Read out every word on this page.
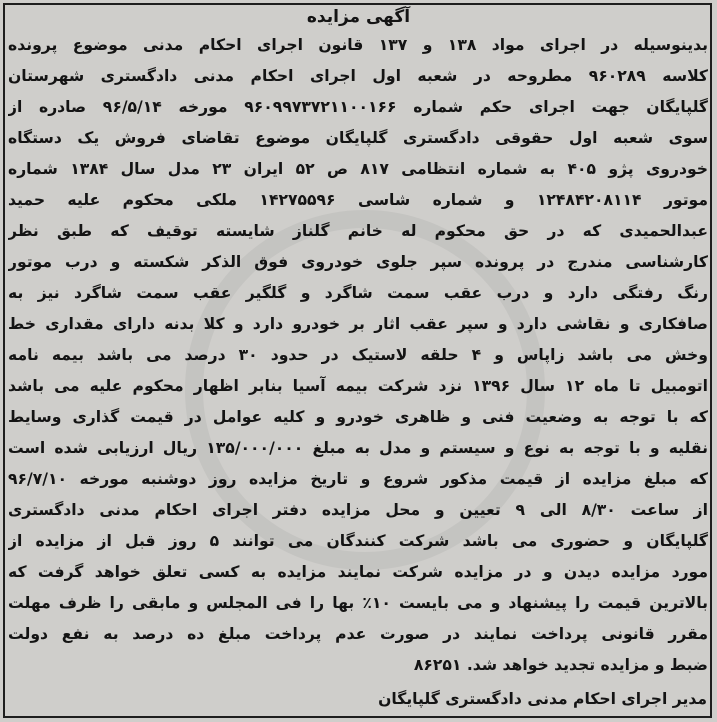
آگهی مزایده
بدینوسیله در اجرای مواد ۱۳۸ و ۱۳۷ قانون اجرای احکام مدنی موضوع پرونده
کلاسه ۹۶۰۲۸۹ مطروحه در شعبه اول اجرای احکام مدنی دادگستری شهرستان
گلپایگان جهت اجرای حکم شماره ۹۶۰۹۹۷۳۷۲۱۱۰۰۱۶۶ مورخه ۹۶/۵/۱۴ صادره از
سوی شعبه اول حقوقی دادگستری گلپایگان موضوع تقاضای فروش یک دستگاه
خودروی پژو ۴۰۵ به شماره انتظامی ۸۱۷ ص ۵۲ ایران ۲۳ مدل سال ۱۳۸۴ شماره
موتور ۱۲۴۸۴۲۰۸۱۱۴ و شماره شاسی ۱۴۲۷۵۵۹۶ ملکی محکوم علیه حمید
عبدالحمیدی که در حق محکوم له خانم گلناز شایسته توقیف که طبق نظر
کارشناسی مندرج در پرونده سپر جلوی خودروی فوق الذکر شکسته و درب موتور
رنگ رفتگی دارد و درب عقب سمت شاگرد و گلگیر عقب سمت شاگرد نیز به
صافکاری و نقاشی دارد و سپر عقب اثار بر خودرو دارد و کلا بدنه دارای مقداری خط
وخش می باشد زاپاس و ۴ حلقه لاستیک در حدود ۳۰ درصد می باشد بیمه نامه
اتومبیل تا ماه ۱۲ سال ۱۳۹۶ نزد شرکت بیمه آسیا بنابر اظهار محکوم علیه می باشد
که با توجه به وضعیت فنی و ظاهری خودرو و کلیه عوامل در قیمت گذاری وسایط
نقلیه و با توجه به نوع و سیستم و مدل به مبلغ ۱۳۵/۰۰۰/۰۰۰ ریال ارزیابی شده است
که مبلغ مزایده از قیمت مذکور شروع و تاریخ مزایده روز دوشنبه مورخه ۹۶/۷/۱۰
از ساعت ۸/۳۰ الی ۹ تعیین و محل مزایده دفتر اجرای احکام مدنی دادگستری
گلپایگان و حضوری می باشد شرکت کنندگان می توانند ۵ روز قبل از مزایده از
مورد مزایده دیدن و در مزایده شرکت نمایند مزایده به کسی تعلق خواهد گرفت که
بالاترین قیمت را پیشنهاد و می بایست ۱۰٪ بها را فی المجلس و مابقی را ظرف مهلت
مقرر قانونی پرداخت نمایند در صورت عدم پرداخت مبلغ ده درصد به نفع دولت
ضبط و مزایده تجدید خواهد شد. ۸۶۲۵۱
مدیر اجرای احکام مدنی دادگستری گلپایگان
